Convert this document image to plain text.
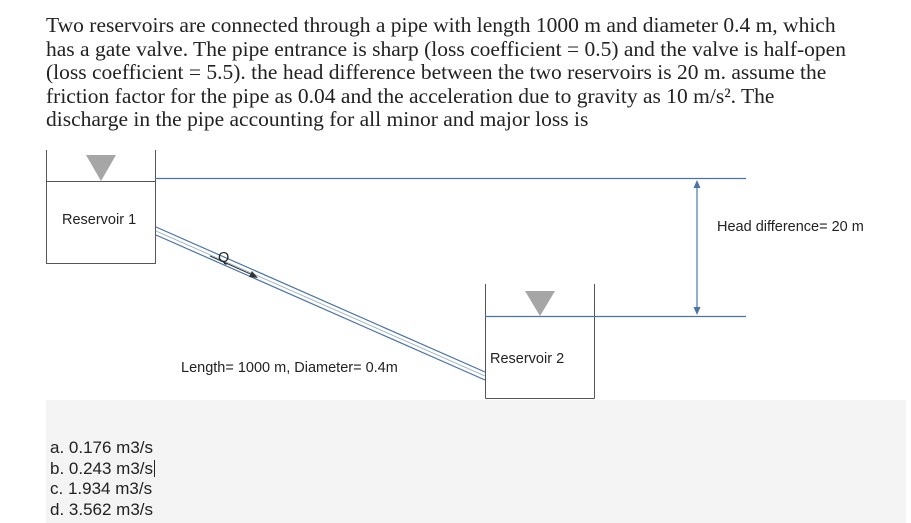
Two reservoirs are connected through a pipe with length 1000 m and diameter 0.4 m, which
has a gate valve. The pipe entrance is sharp (loss coefficient = 0.5) and the valve is half-open
(loss coefficient = 5.5). the head difference between the two reservoirs is 20 m. assume the
friction factor for the pipe as 0.04 and the acceleration due to gravity as 10 m/s². The
discharge in the pipe accounting for all minor and major loss is
Reservoir 1
Q
Length= 1000 m, Diameter= 0.4m
Reservoir 2
Head difference= 20 m
a. 0.176 m3/s
b. 0.243 m3/s
c. 1.934 m3/s
d. 3.562 m3/s
